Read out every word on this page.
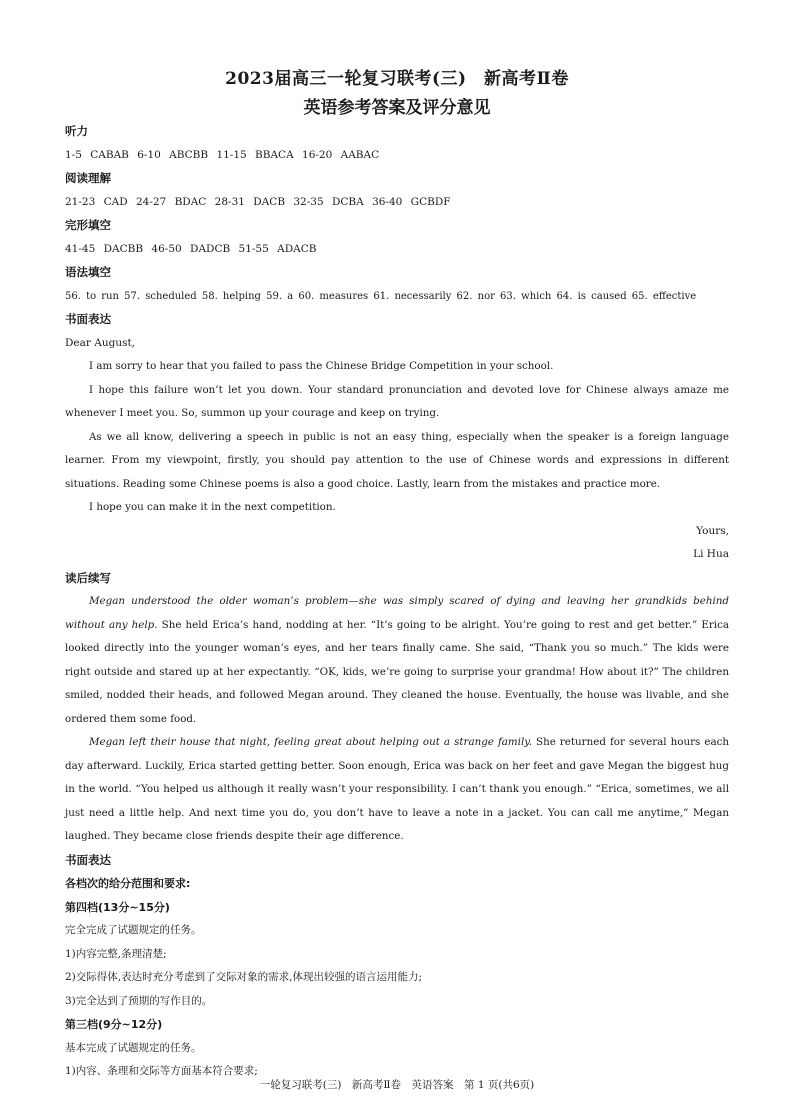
2023届高三一轮复习联考(三)　新高考Ⅱ卷
英语参考答案及评分意见
听力
1-5 CABAB 6-10 ABCBB 11-15 BBACA 16-20 AABAC
阅读理解
21-23 CAD 24-27 BDAC 28-31 DACB 32-35 DCBA 36-40 GCBDF
完形填空
41-45 DACBB 46-50 DADCB 51-55 ADACB
语法填空
56. to run 57. scheduled 58. helping 59. a 60. measures 61. necessarily 62. nor 63. which 64. is caused 65. effective
书面表达
Dear August,

I am sorry to hear that you failed to pass the Chinese Bridge Competition in your school.

I hope this failure won’t let you down. Your standard pronunciation and devoted love for Chinese always amaze me whenever I meet you. So, summon up your courage and keep on trying.

As we all know, delivering a speech in public is not an easy thing, especially when the speaker is a foreign language learner. From my viewpoint, firstly, you should pay attention to the use of Chinese words and expressions in different situations. Reading some Chinese poems is also a good choice. Lastly, learn from the mistakes and practice more.

I hope you can make it in the next competition.

Yours,
Li Hua
读后续写

Megan understood the older woman’s problem—she was simply scared of dying and leaving her grandkids behind without any help. She held Erica’s hand, nodding at her. “It’s going to be alright. You’re going to rest and get better.” Erica looked directly into the younger woman’s eyes, and her tears finally came. She said, “Thank you so much.” The kids were right outside and stared up at her expectantly. “OK, kids, we’re going to surprise your grandma! How about it?” The children smiled, nodded their heads, and followed Megan around. They cleaned the house. Eventually, the house was livable, and she ordered them some food.

Megan left their house that night, feeling great about helping out a strange family. She returned for several hours each day afterward. Luckily, Erica started getting better. Soon enough, Erica was back on her feet and gave Megan the biggest hug in the world. “You helped us although it really wasn’t your responsibility. I can’t thank you enough.” “Erica, sometimes, we all just need a little help. And next time you do, you don’t have to leave a note in a jacket. You can call me anytime,” Megan laughed. They became close friends despite their age difference.

书面表达
各档次的给分范围和要求:
第四档(13分~15分)
完全完成了试题规定的任务。
1)内容完整,条理清楚;
2)交际得体,表达时充分考虑到了交际对象的需求,体现出较强的语言运用能力;
3)完全达到了预期的写作目的。
第三档(9分~12分)
基本完成了试题规定的任务。
1)内容、条理和交际等方面基本符合要求;
一轮复习联考(三)　新高考Ⅱ卷　英语答案　第 1 页(共6页)
